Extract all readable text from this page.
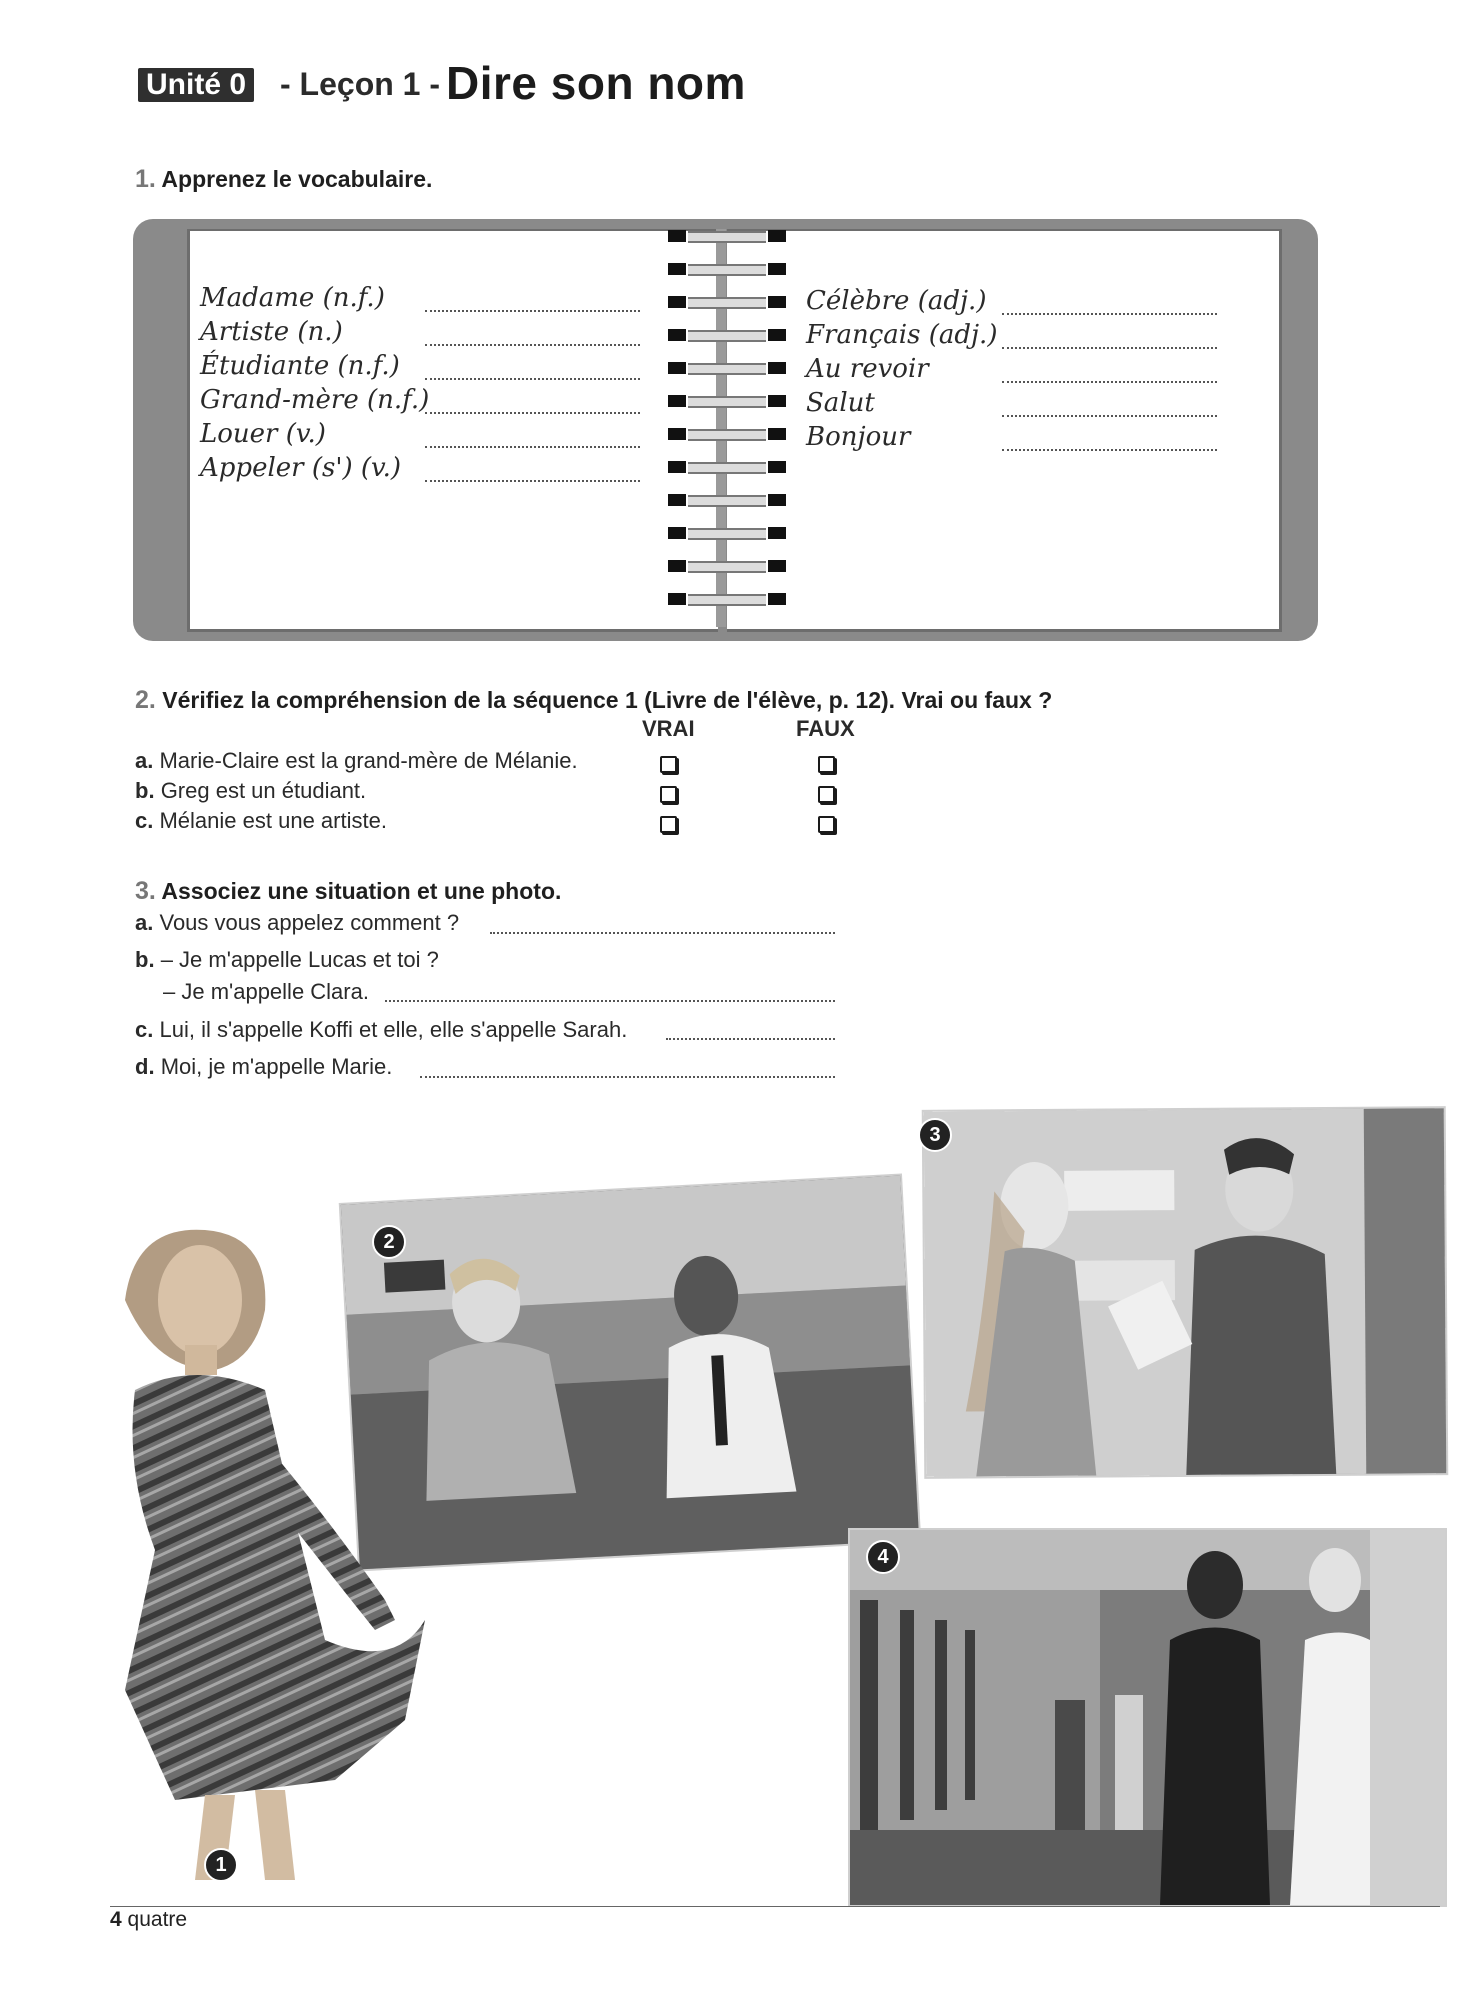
Unité 0 - Leçon 1 - Dire son nom
1. Apprenez le vocabulaire.
Madame (n.f.)
Artiste (n.)
Étudiante (n.f.)
Grand-mère (n.f.)
Louer (v.)
Appeler (s') (v.)
Célèbre (adj.)
Français (adj.)
Au revoir
Salut
Bonjour
2. Vérifiez la compréhension de la séquence 1 (Livre de l'élève, p. 12). Vrai ou faux ?
VRAI	FAUX
a. Marie-Claire est la grand-mère de Mélanie.
b. Greg est un étudiant.
c. Mélanie est une artiste.
3. Associez une situation et une photo.
a. Vous vous appelez comment ?
b. – Je m'appelle Lucas et toi ?
– Je m'appelle Clara.
c. Lui, il s'appelle Koffi et elle, elle s'appelle Sarah.
d. Moi, je m'appelle Marie.
3
2
4
1
4 quatre
